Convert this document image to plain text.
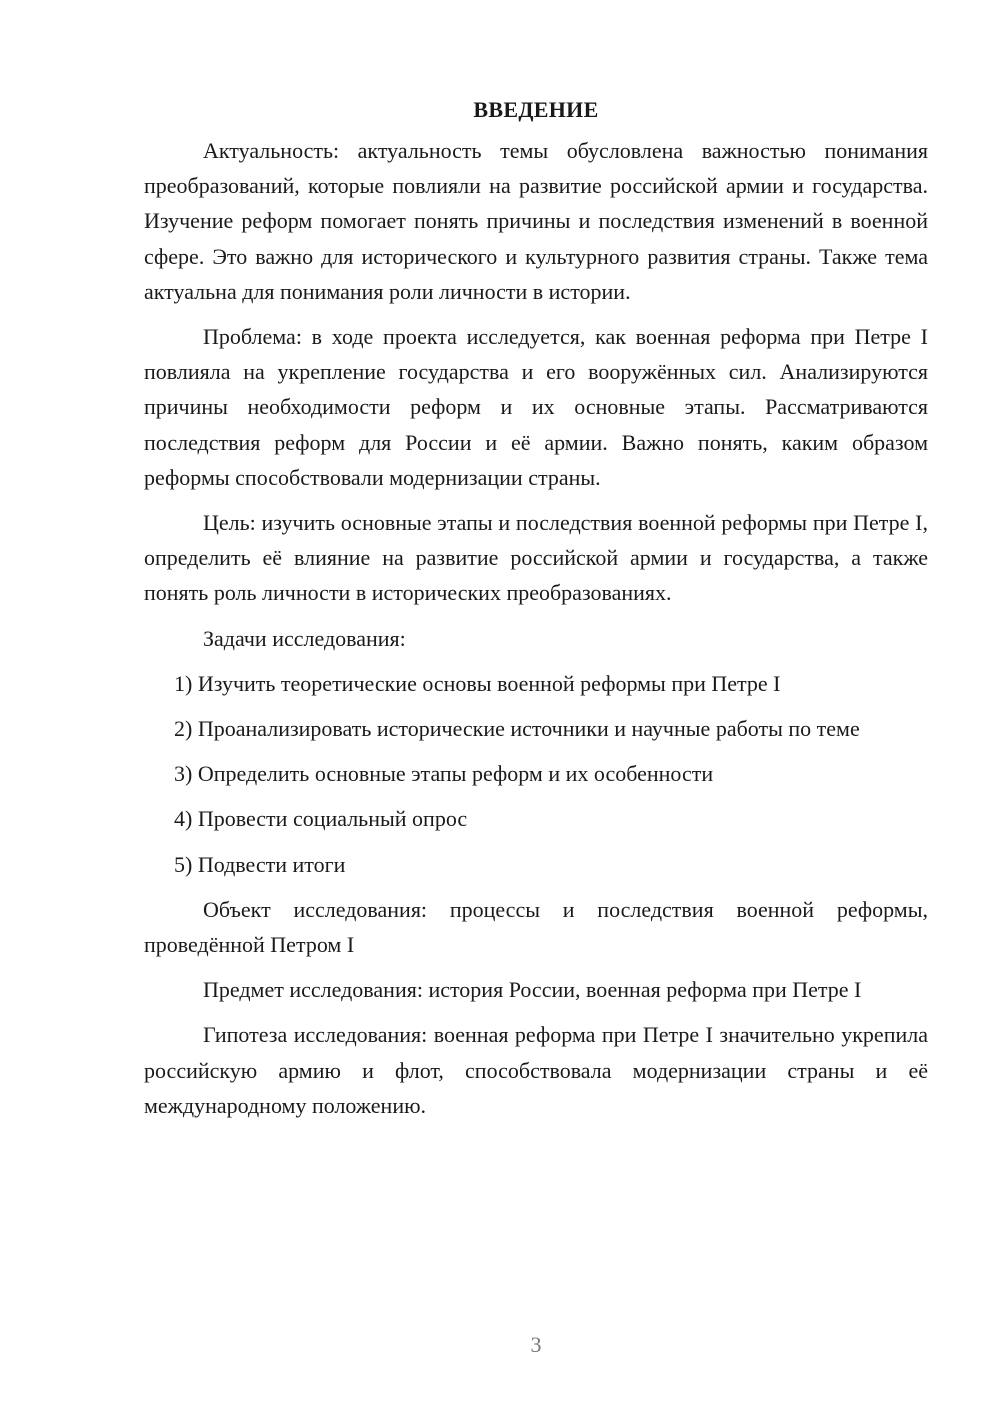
ВВЕДЕНИЕ

Актуальность: актуальность темы обусловлена важностью понимания преобразований, которые повлияли на развитие российской армии и государства. Изучение реформ помогает понять причины и последствия изменений в военной сфере. Это важно для исторического и культурного развития страны. Также тема актуальна для понимания роли личности в истории.

Проблема: в ходе проекта исследуется, как военная реформа при Петре I повлияла на укрепление государства и его вооружённых сил. Анализируются причины необходимости реформ и их основные этапы. Рассматриваются последствия реформ для России и её армии. Важно понять, каким образом реформы способствовали модернизации страны.

Цель: изучить основные этапы и последствия военной реформы при Петре I, определить её влияние на развитие российской армии и государства, а также понять роль личности в исторических преобразованиях.

Задачи исследования:

1) Изучить теоретические основы военной реформы при Петре I

2) Проанализировать исторические источники и научные работы по теме

3) Определить основные этапы реформ и их особенности

4) Провести социальный опрос

5) Подвести итоги

Объект исследования: процессы и последствия военной реформы, проведённой Петром I

Предмет исследования: история России, военная реформа при Петре I

Гипотеза исследования: военная реформа при Петре I значительно укрепила российскую армию и флот, способствовала модернизации страны и её международному положению.

3
